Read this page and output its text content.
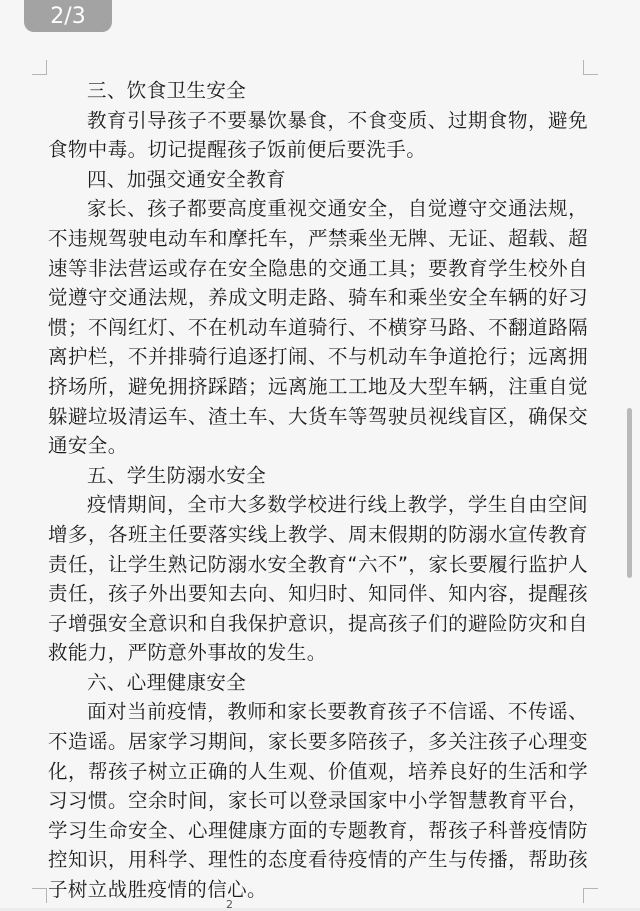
三、饮食卫生安全

教育引导孩子不要暴饮暴食，不食变质、过期食物，避免食物中毒。切记提醒孩子饭前便后要洗手。

四、加强交通安全教育

家长、孩子都要高度重视交通安全，自觉遵守交通法规，不违规驾驶电动车和摩托车，严禁乘坐无牌、无证、超载、超速等非法营运或存在安全隐患的交通工具；要教育学生校外自觉遵守交通法规，养成文明走路、骑车和乘坐安全车辆的好习惯；不闯红灯、不在机动车道骑行、不横穿马路、不翻道路隔离护栏，不并排骑行追逐打闹、不与机动车争道抢行；远离拥挤场所，避免拥挤踩踏；远离施工工地及大型车辆，注重自觉躲避垃圾清运车、渣土车、大货车等驾驶员视线盲区，确保交通安全。

五、学生防溺水安全

疫情期间，全市大多数学校进行线上教学，学生自由空间增多，各班主任要落实线上教学、周末假期的防溺水宣传教育责任，让学生熟记防溺水安全教育“六不”，家长要履行监护人责任，孩子外出要知去向、知归时、知同伴、知内容，提醒孩子增强安全意识和自我保护意识，提高孩子们的避险防灾和自救能力，严防意外事故的发生。

六、心理健康安全

面对当前疫情，教师和家长要教育孩子不信谣、不传谣、不造谣。居家学习期间，家长要多陪孩子，多关注孩子心理变化，帮孩子树立正确的人生观、价值观，培养良好的生活和学习习惯。空余时间，家长可以登录国家中小学智慧教育平台，学习生命安全、心理健康方面的专题教育，帮孩子科普疫情防控知识，用科学、理性的态度看待疫情的产生与传播，帮助孩子树立战胜疫情的信心。

2
2/3
